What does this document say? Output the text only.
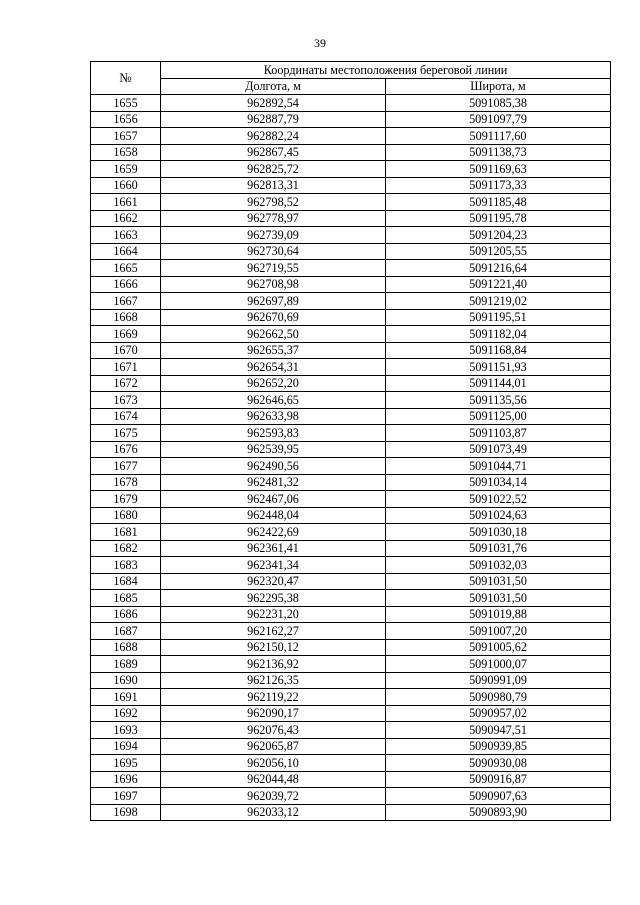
39
№	Координаты местоположения береговой линии	
	Долгота, м	Широта, м
1655	962892,54	5091085,38
1656	962887,79	5091097,79
1657	962882,24	5091117,60
1658	962867,45	5091138,73
1659	962825,72	5091169,63
1660	962813,31	5091173,33
1661	962798,52	5091185,48
1662	962778,97	5091195,78
1663	962739,09	5091204,23
1664	962730,64	5091205,55
1665	962719,55	5091216,64
1666	962708,98	5091221,40
1667	962697,89	5091219,02
1668	962670,69	5091195,51
1669	962662,50	5091182,04
1670	962655,37	5091168,84
1671	962654,31	5091151,93
1672	962652,20	5091144,01
1673	962646,65	5091135,56
1674	962633,98	5091125,00
1675	962593,83	5091103,87
1676	962539,95	5091073,49
1677	962490,56	5091044,71
1678	962481,32	5091034,14
1679	962467,06	5091022,52
1680	962448,04	5091024,63
1681	962422,69	5091030,18
1682	962361,41	5091031,76
1683	962341,34	5091032,03
1684	962320,47	5091031,50
1685	962295,38	5091031,50
1686	962231,20	5091019,88
1687	962162,27	5091007,20
1688	962150,12	5091005,62
1689	962136,92	5091000,07
1690	962126,35	5090991,09
1691	962119,22	5090980,79
1692	962090,17	5090957,02
1693	962076,43	5090947,51
1694	962065,87	5090939,85
1695	962056,10	5090930,08
1696	962044,48	5090916,87
1697	962039,72	5090907,63
1698	962033,12	5090893,90
